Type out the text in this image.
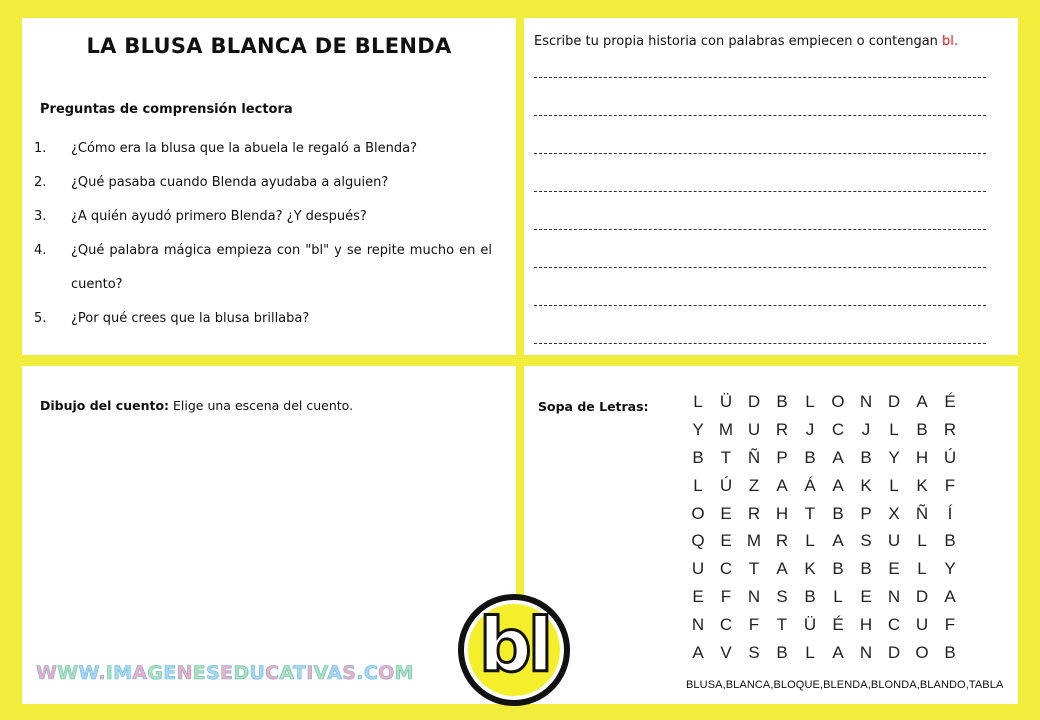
LA BLUSA BLANCA DE BLENDA
Preguntas de comprensión lectora
1. ¿Cómo era la blusa que la abuela le regaló a Blenda?
2. ¿Qué pasaba cuando Blenda ayudaba a alguien?
3. ¿A quién ayudó primero Blenda? ¿Y después?
4. ¿Qué palabra mágica empieza con "bl" y se repite mucho en el cuento?
5. ¿Por qué crees que la blusa brillaba?
Escribe tu propia historia con palabras empiecen o contengan bl.
Dibujo del cuento: Elige una escena del cuento.	Sopa de Letras:	L	Ü D B	L O N D A É
Y M U R	J	C	J	L	B R
B	T Ñ P B A B Y H Ú
L	Ú Z	A Á A K	L	K	F
O E R H T	B P X Ñ	Í
Q E M R	L	A S U	L	B
U C T	A K B B E	L	Y
E	F N S B	L	E N D A
N C F	T Ü É H C U F
A V S B	L	A N D O B
BLUSA,BLANCA,BLOQUE,BLENDA,BLONDA,BLANDO,TABLA
WWW.IMAGENESEDUCATIVAS.COM bl
